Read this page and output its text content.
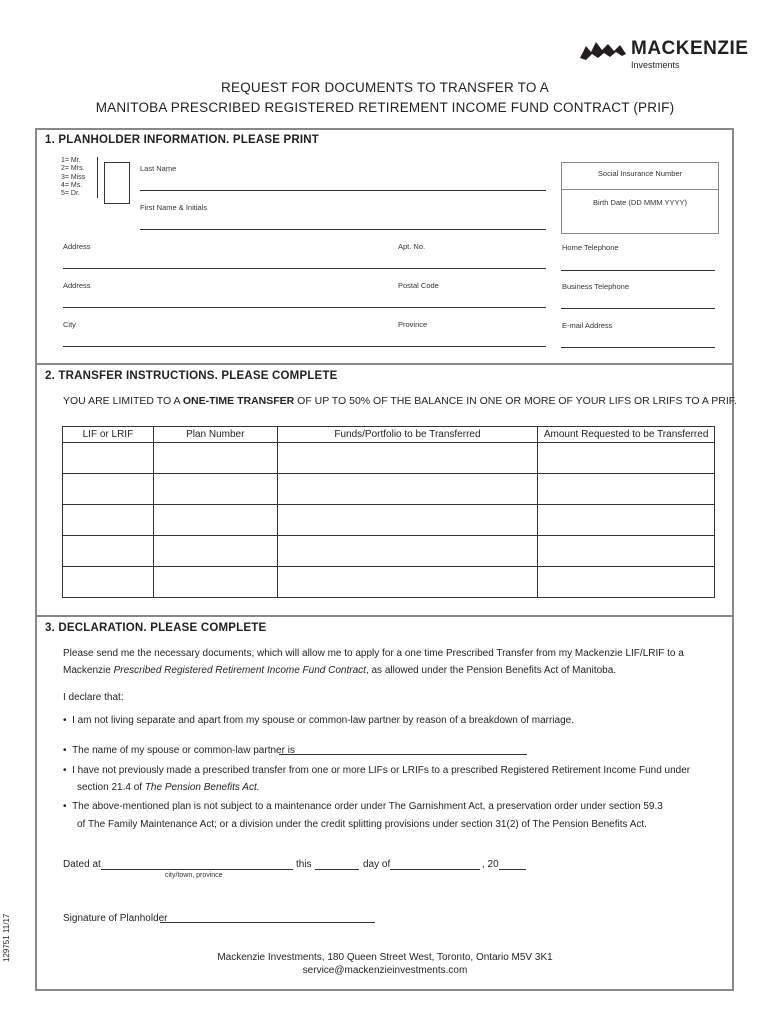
MACKENZIE
Investments
REQUEST FOR DOCUMENTS TO TRANSFER TO A
MANITOBA PRESCRIBED REGISTERED RETIREMENT INCOME FUND CONTRACT (PRIF)
1. PLANHOLDER INFORMATION. PLEASE PRINT
1= Mr.
2= Mrs.
3= Miss
4= Ms.
5= Dr.
Last Name
First Name & Initials
Social Insurance Number
Birth Date (DD MMM YYYY)
Address	Apt. No.	Home Telephone
Address	Postal Code	Business Telephone
City	Province	E-mail Address
2. TRANSFER INSTRUCTIONS. PLEASE COMPLETE
YOU ARE LIMITED TO A ONE-TIME TRANSFER OF UP TO 50% OF THE BALANCE IN ONE OR MORE OF YOUR LIFS OR LRIFS TO A PRIF.
LIF or LRIF	Plan Number	Funds/Portfolio to be Transferred	Amount Requested to be Transferred

3. DECLARATION. PLEASE COMPLETE
Please send me the necessary documents, which will allow me to apply for a one time Prescribed Transfer from my Mackenzie LIF/LRIF to a
Mackenzie Prescribed Registered Retirement Income Fund Contract, as allowed under the Pension Benefits Act of Manitoba.
I declare that:
•  I am not living separate and apart from my spouse or common-law partner by reason of a breakdown of marriage.
•  The name of my spouse or common-law partner is
•  I have not previously made a prescribed transfer from one or more LIFs or LRIFs to a prescribed Registered Retirement Income Fund under
section 21.4 of The Pension Benefits Act.
•  The above-mentioned plan is not subject to a maintenance order under The Garnishment Act, a preservation order under section 59.3
of The Family Maintenance Act; or a division under the credit splitting provisions under section 31(2) of The Pension Benefits Act.
Dated at	this	day of	, 20
city/town, province
Signature of Planholder
Mackenzie Investments, 180 Queen Street West, Toronto, Ontario M5V 3K1
service@mackenzieinvestments.com
129751 11/17
